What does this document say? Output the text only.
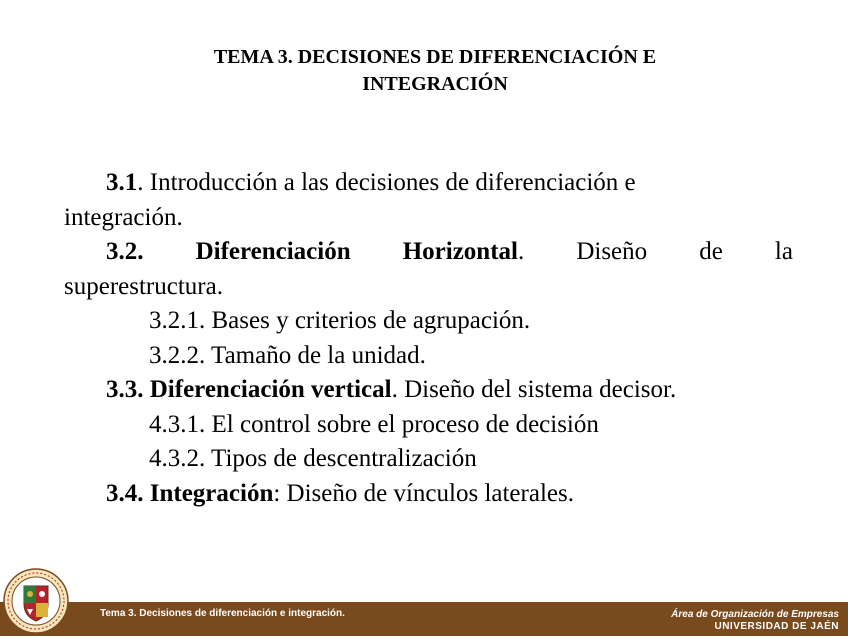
TEMA 3. DECISIONES DE DIFERENCIACIÓN E
INTEGRACIÓN
3.1. Introducción a las decisiones de diferenciación e
integración.
3.2. Diferenciación Horizontal. Diseño de la
superestructura.
3.2.1. Bases y criterios de agrupación.
3.2.2. Tamaño de la unidad.
3.3. Diferenciación vertical. Diseño del sistema decisor.
4.3.1. El control sobre el proceso de decisión
4.3.2. Tipos de descentralización
3.4. Integración: Diseño de vínculos laterales.
Tema 3. Decisiones de diferenciación e integración.	Área de Organización de Empresas
UNIVERSIDAD DE JAÉN
